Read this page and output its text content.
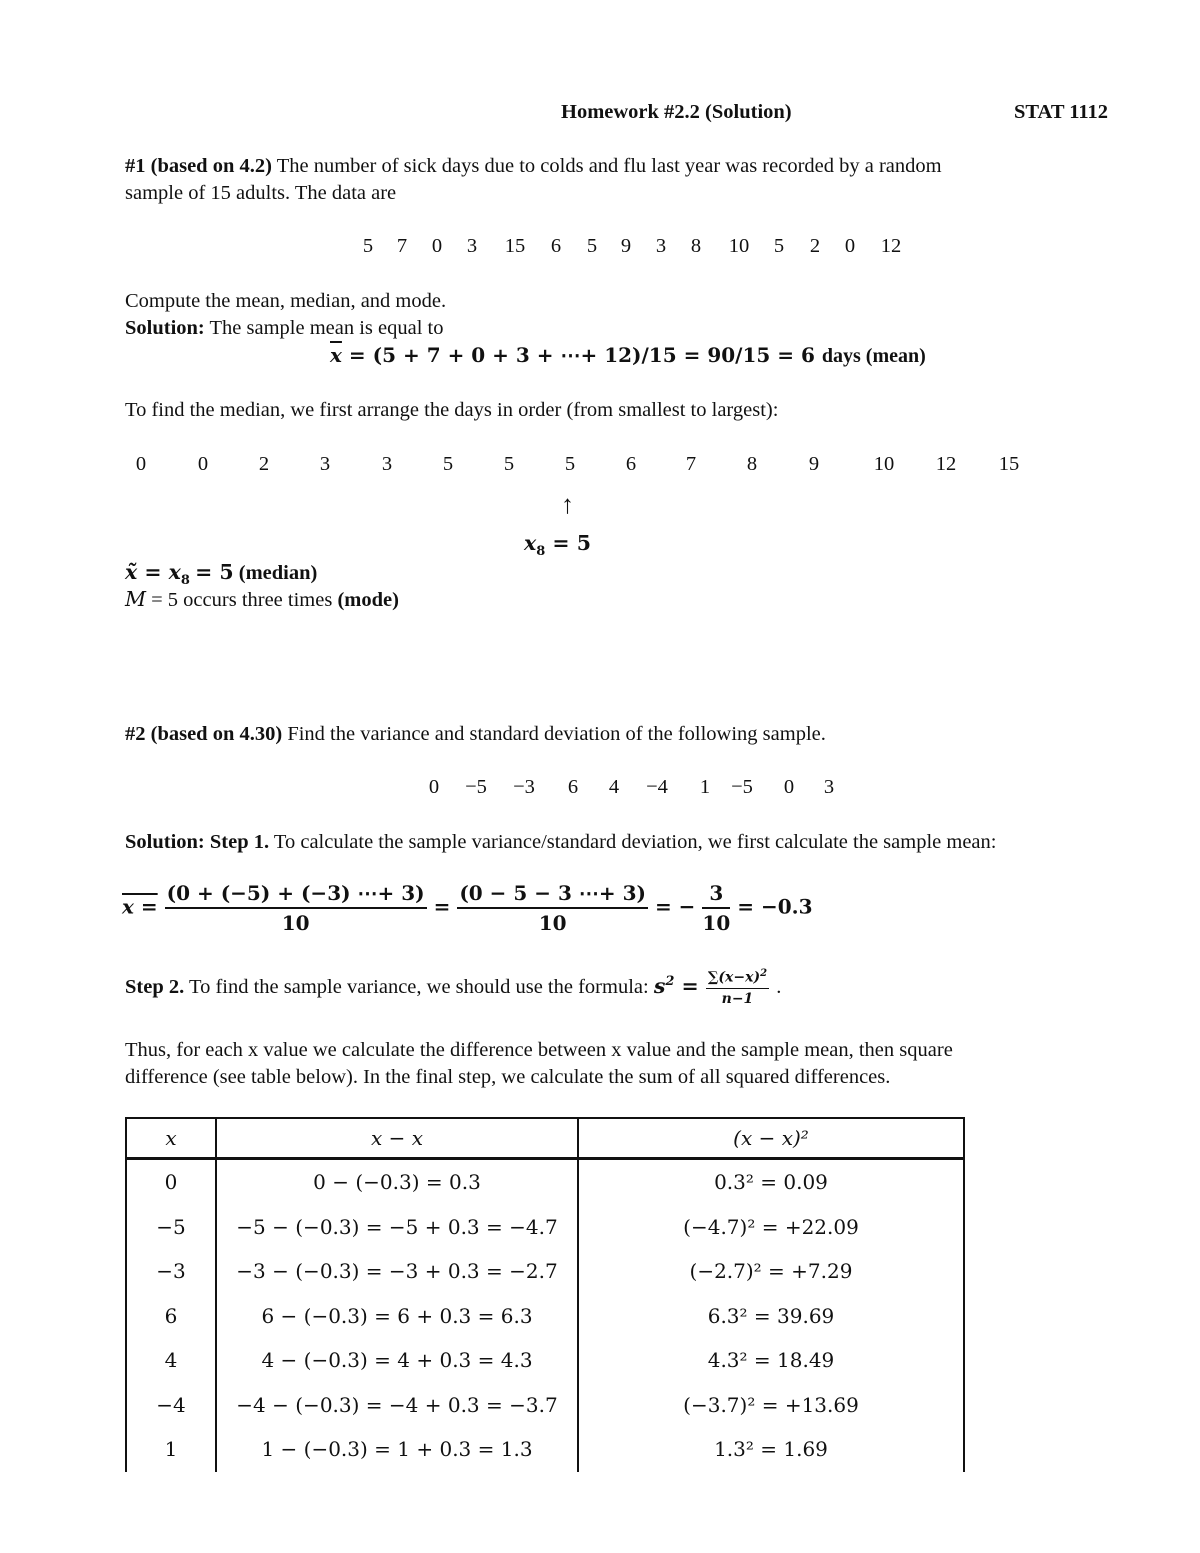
Homework #2.2 (Solution)	STAT 1112
#1 (based on 4.2) The number of sick days due to colds and flu last year was recorded by a random
sample of 15 adults. The data are
5	7	0	3	15	6	5	9	3	8	10	5	2	0	12
Compute the mean, median, and mode.
Solution: The sample mean is equal to
$\overline{x} = (5 + 7 + 0 + 3$ + ⋯+ 12)/15 = 90/15 = 6 days (mean)
To find the median, we first arrange the days in order (from smallest to largest):
0	0	2	3	3	5	5	5	6	7	8	9	10	12	15
↑
$x_8 = 5$
x̃ = $x_8 = 5$ (median)
M = 5 occurs three times (mode)
#2 (based on 4.30) Find the variance and standard deviation of the following sample.
0	−5	−3	6	4	−4	1	−5	0	3
Solution: Step 1. To calculate the sample variance/standard deviation, we first calculate the sample mean:
$x = \frac{(0 + (-5) + (-3) \cdots+ 3)}{10} = \frac{(0 - 5 - 3 \cdots+ 3)}{10}$ = − $\frac{3}{10} = -0.3$
Step 2. To find the sample variance, we should use the formula: $s^2 = \frac{\sum(x-x)^2}{n-1}$ .
Thus, for each x value we calculate the difference between x value and the sample mean, then square
difference (see table below). In the final step, we calculate the sum of all squared differences.
x	x − x	(x − x)²
0	0 − (−0.3) = 0.3	0.3² = 0.09
−5	−5 − (−0.3) = −5 + 0.3 = −4.7	(−4.7)² = +22.09
−3	−3 − (−0.3) = −3 + 0.3 = −2.7	(−2.7)² = +7.29
6	6 − (−0.3) = 6 + 0.3 = 6.3	6.3² = 39.69
4	4 − (−0.3) = 4 + 0.3 = 4.3	4.3² = 18.49
−4	−4 − (−0.3) = −4 + 0.3 = −3.7	(−3.7)² = +13.69
1	1 − (−0.3) = 1 + 0.3 = 1.3	1.3² = 1.69
